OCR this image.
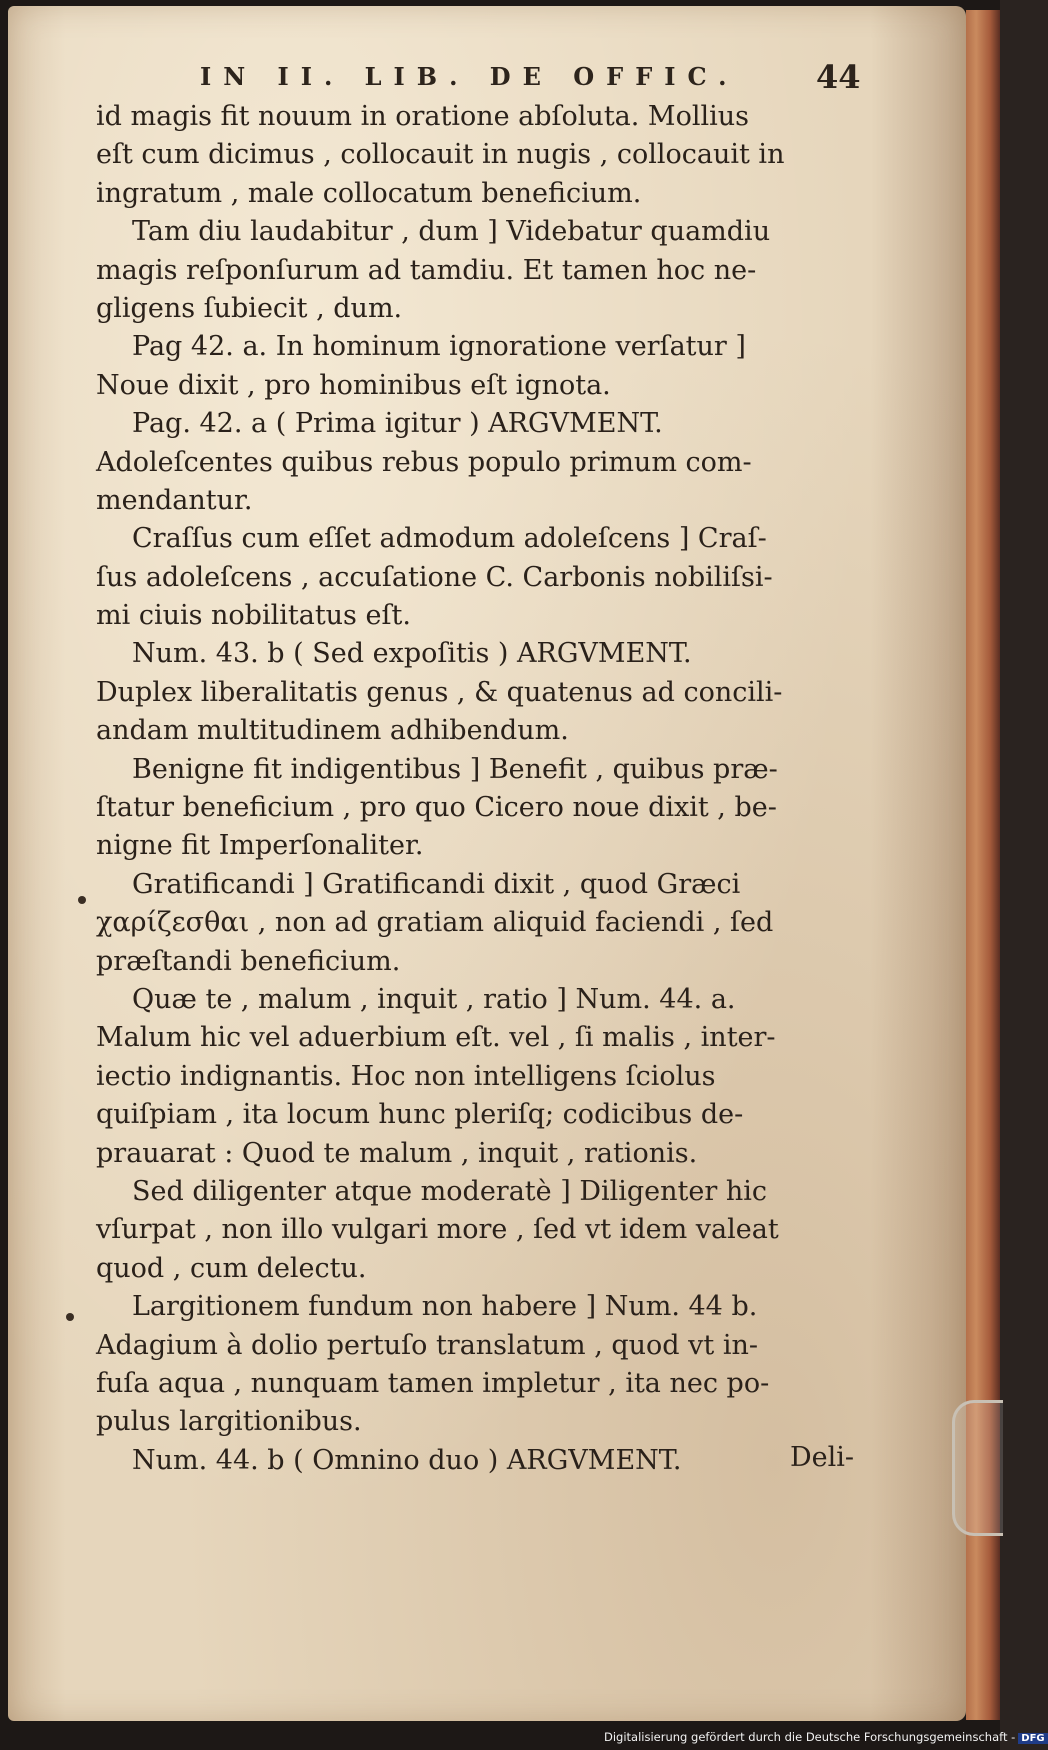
IN II. LIB. DE OFFIC.	44
id magis fit nouum in oratione abſoluta. Mollius
eſt cum dicimus , collocauit in nugis , collocauit in
ingratum , male collocatum beneficium.
Tam diu laudabitur , dum ] Videbatur quamdiu
magis reſponſurum ad tamdiu. Et tamen hoc ne-
gligens ſubiecit , dum.
Pag 42. a. In hominum ignoratione verſatur ]
Noue dixit , pro hominibus eſt ignota.
Pag. 42. a ( Prima igitur ) ARGVMENT.
Adoleſcentes quibus rebus populo primum com-
mendantur.
Craſſus cum eſſet admodum adoleſcens ] Craſ-
ſus adoleſcens , accuſatione C. Carbonis nobiliſsi-
mi ciuis nobilitatus eſt.
Num. 43. b ( Sed expoſitis ) ARGVMENT.
Duplex liberalitatis genus , & quatenus ad concili-
andam multitudinem adhibendum.
Benigne fit indigentibus ] Benefit , quibus præ-
ſtatur beneficium , pro quo Cicero noue dixit , be-
nigne fit Imperſonaliter.
Gratificandi ] Gratificandi dixit , quod Græci
χαρίζεσθαι , non ad gratiam aliquid faciendi , ſed
præſtandi beneficium.
Quæ te , malum , inquit , ratio ] Num. 44. a.
Malum hic vel aduerbium eſt. vel , ſi malis , inter-
iectio indignantis. Hoc non intelligens ſciolus
quiſpiam , ita locum hunc pleriſq; codicibus de-
prauarat : Quod te malum , inquit , rationis.
Sed diligenter atque moderatè ] Diligenter hic
vſurpat , non illo vulgari more , ſed vt idem valeat
quod , cum delectu.
Largitionem fundum non habere ] Num. 44 b.
Adagium à dolio pertuſo translatum , quod vt in-
fuſa aqua , nunquam tamen impletur , ita nec po-
pulus largitionibus.
Num. 44. b ( Omnino duo ) ARGVMENT.	Deli-
Digitalisierung gefördert durch die Deutsche Forschungsgemeinschaft - DFG
